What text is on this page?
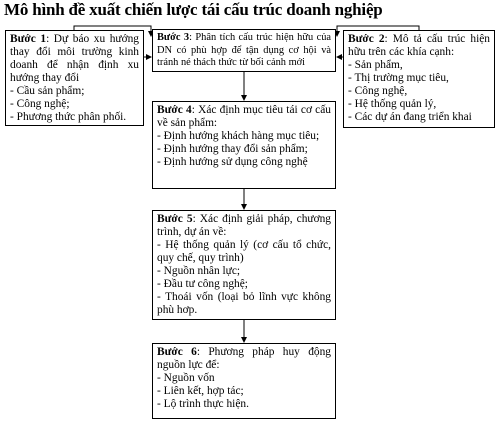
Mô hình đề xuất chiến lược tái cấu trúc doanh nghiệp
Bước 1: Dự báo xu hướng thay đổi môi trường kinh doanh để nhận định xu hướng thay đổi
- Cầu sản phẩm;
- Công nghệ;
- Phương thức phân phối.
Bước 3: Phân tích cấu trúc hiện hữu của DN có phù hợp để tận dụng cơ hội và tránh né thách thức từ bối cảnh mới
Bước 2: Mô tả cấu trúc hiện hữu trên các khía cạnh:
- Sản phẩm,
- Thị trường mục tiêu,
- Công nghệ,
- Hệ thống quản lý,
- Các dự án đang triển khai
Bước 4: Xác định mục tiêu tái cơ cấu về sản phẩm:
- Định hướng khách hàng mục tiêu;
- Định hướng thay đổi sản phẩm;
- Định hướng sử dụng công nghệ
Bước 5: Xác định giải pháp, chương trình, dự án về:
- Hệ thống quản lý (cơ cấu tổ chức, quy chế, quy trình)
- Nguồn nhân lực;
- Đầu tư công nghệ;
- Thoái vốn (loại bỏ lĩnh vực không phù hơp.
Bước 6: Phương pháp huy động nguồn lực để:
- Nguồn vốn
- Liên kết, hợp tác;
- Lộ trình thực hiện.
